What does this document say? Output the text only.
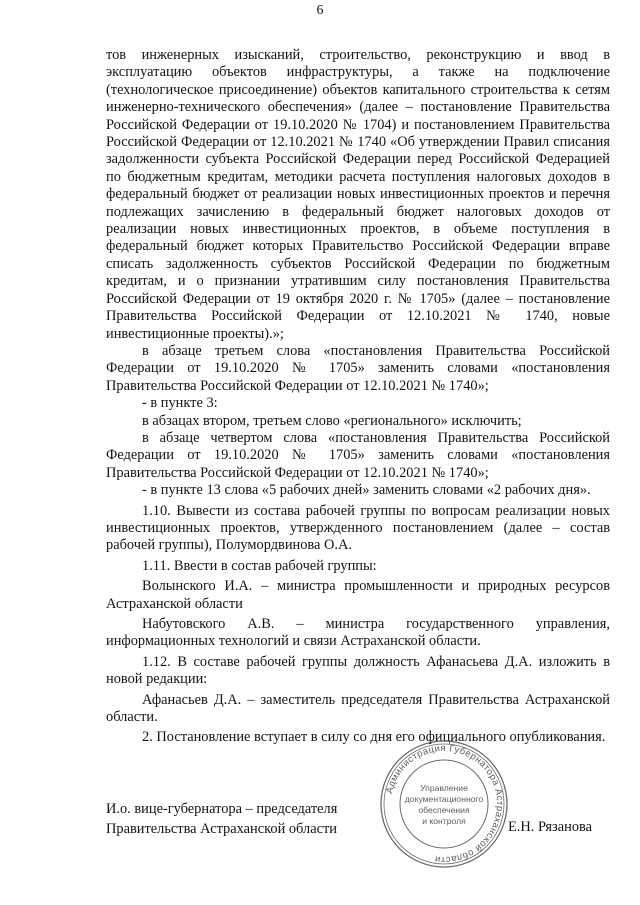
6

тов инженерных изысканий, строительство, реконструкцию и ввод в эксплуатацию объектов инфраструктуры, а также на подключение (технологическое присоединение) объектов капитального строительства к сетям инженерно-технического обеспечения» (далее – постановление Правительства Российской Федерации от 19.10.2020 № 1704) и постановлением Правительства Российской Федерации от 12.10.2021 № 1740 «Об утверждении Правил списания задолженности субъекта Российской Федерации перед Российской Федерацией по бюджетным кредитам, методики расчета поступления налоговых доходов в федеральный бюджет от реализации новых инвестиционных проектов и перечня подлежащих зачислению в федеральный бюджет налоговых доходов от реализации новых инвестиционных проектов, в объеме поступления в федеральный бюджет которых Правительство Российской Федерации вправе списать задолженность субъектов Российской Федерации по бюджетным кредитам, и о признании утратившим силу постановления Правительства Российской Федерации от 19 октября 2020 г. № 1705» (далее – постановление Правительства Российской Федерации от 12.10.2021 № 1740, новые инвестиционные проекты).»;

в абзаце третьем слова «постановления Правительства Российской Федерации от 19.10.2020 № 1705» заменить словами «постановления Правительства Российской Федерации от 12.10.2021 № 1740»;

- в пункте 3:

в абзацах втором, третьем слово «регионального» исключить;

в абзаце четвертом слова «постановления Правительства Российской Федерации от 19.10.2020 № 1705» заменить словами «постановления Правительства Российской Федерации от 12.10.2021 № 1740»;

- в пункте 13 слова «5 рабочих дней» заменить словами «2 рабочих дня».

1.10. Вывести из состава рабочей группы по вопросам реализации новых инвестиционных проектов, утвержденного постановлением (далее – состав рабочей группы), Полумордвинова О.А.

1.11. Ввести в состав рабочей группы:

Волынского И.А. – министра промышленности и природных ресурсов Астраханской области

Набутовского А.В. – министра государственного управления, информационных технологий и связи Астраханской области.

1.12. В составе рабочей группы должность Афанасьева Д.А. изложить в новой редакции:

Афанасьев Д.А. – заместитель председателя Правительства Астраханской области.

2. Постановление вступает в силу со дня его официального опубликования.

И.о. вице-губернатора – председателя
Правительства Астраханской области	Е.Н. Рязанова
Администрация Губернатора Астраханской области
Управление
документационного
обеспечения
и контроля
